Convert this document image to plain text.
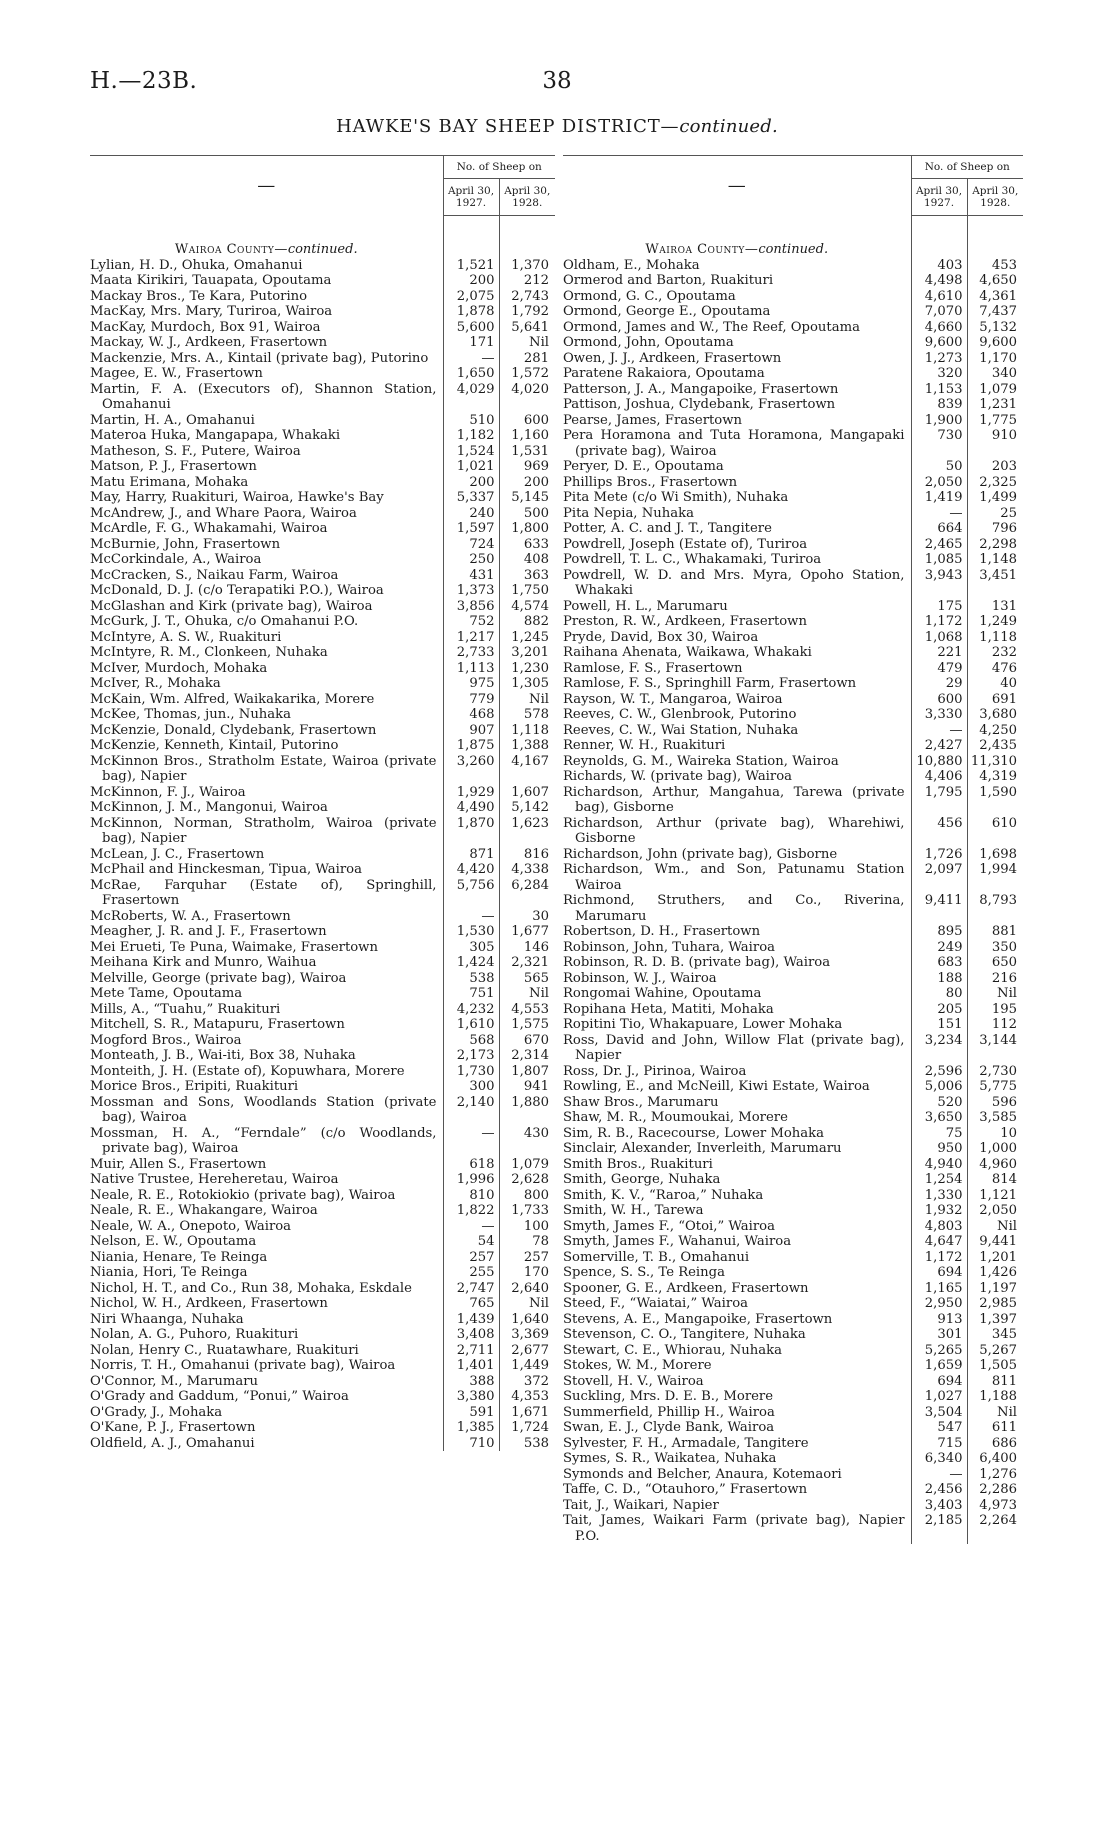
H.—23B.	38
HAWKE'S BAY SHEEP DISTRICT—continued.
—	No. of Sheep on	
	April 30, 1927.	April 30, 1928.

Wairoa County—continued.		

Lylian, H. D., Ohuka, Omahanui	1,521	1,370

Maata Kirikiri, Tauapata, Opoutama	200	212

Mackay Bros., Te Kara, Putorino	2,075	2,743

MacKay, Mrs. Mary, Turiroa, Wairoa	1,878	1,792

MacKay, Murdoch, Box 91, Wairoa	5,600	5,641

Mackay, W. J., Ardkeen, Frasertown	171	Nil

Mackenzie, Mrs. A., Kintail (private bag), Putorino	—	281

Magee, E. W., Frasertown	1,650	1,572

Martin, F. A. (Executors of), Shannon Station, Omahanui	4,029	4,020

Martin, H. A., Omahanui	510	600

Materoa Huka, Mangapapa, Whakaki	1,182	1,160

Matheson, S. F., Putere, Wairoa	1,524	1,531

Matson, P. J., Frasertown	1,021	969

Matu Erimana, Mohaka	200	200

May, Harry, Ruakituri, Wairoa, Hawke's Bay	5,337	5,145

McAndrew, J., and Whare Paora, Wairoa	240	500

McArdle, F. G., Whakamahi, Wairoa	1,597	1,800

McBurnie, John, Frasertown	724	633

McCorkindale, A., Wairoa	250	408

McCracken, S., Naikau Farm, Wairoa	431	363

McDonald, D. J. (c/o Terapatiki P.O.), Wairoa	1,373	1,750

McGlashan and Kirk (private bag), Wairoa	3,856	4,574

McGurk, J. T., Ohuka, c/o Omahanui P.O.	752	882

McIntyre, A. S. W., Ruakituri	1,217	1,245

McIntyre, R. M., Clonkeen, Nuhaka	2,733	3,201

McIver, Murdoch, Mohaka	1,113	1,230

McIver, R., Mohaka	975	1,305

McKain, Wm. Alfred, Waikakarika, Morere	779	Nil

McKee, Thomas, jun., Nuhaka	468	578

McKenzie, Donald, Clydebank, Frasertown	907	1,118

McKenzie, Kenneth, Kintail, Putorino	1,875	1,388

McKinnon Bros., Stratholm Estate, Wairoa (private bag), Napier	3,260	4,167

McKinnon, F. J., Wairoa	1,929	1,607

McKinnon, J. M., Mangonui, Wairoa	4,490	5,142

McKinnon, Norman, Stratholm, Wairoa (private bag), Napier	1,870	1,623

McLean, J. C., Frasertown	871	816

McPhail and Hinckesman, Tipua, Wairoa	4,420	4,338

McRae, Farquhar (Estate of), Springhill, Frasertown	5,756	6,284

McRoberts, W. A., Frasertown	—	30

Meagher, J. R. and J. F., Frasertown	1,530	1,677

Mei Erueti, Te Puna, Waimake, Frasertown	305	146

Meihana Kirk and Munro, Waihua	1,424	2,321

Melville, George (private bag), Wairoa	538	565

Mete Tame, Opoutama	751	Nil

Mills, A., “Tuahu,” Ruakituri	4,232	4,553

Mitchell, S. R., Matapuru, Frasertown	1,610	1,575

Mogford Bros., Wairoa	568	670

Monteath, J. B., Wai-iti, Box 38, Nuhaka	2,173	2,314

Monteith, J. H. (Estate of), Kopuwhara, Morere	1,730	1,807

Morice Bros., Eripiti, Ruakituri	300	941

Mossman and Sons, Woodlands Station (private bag), Wairoa	2,140	1,880

Mossman, H. A., “Ferndale” (c/o Woodlands, private bag), Wairoa	—	430

Muir, Allen S., Frasertown	618	1,079

Native Trustee, Hereheretau, Wairoa	1,996	2,628

Neale, R. E., Rotokiokio (private bag), Wairoa	810	800

Neale, R. E., Whakangare, Wairoa	1,822	1,733

Neale, W. A., Onepoto, Wairoa	—	100

Nelson, E. W., Opoutama	54	78

Niania, Henare, Te Reinga	257	257

Niania, Hori, Te Reinga	255	170

Nichol, H. T., and Co., Run 38, Mohaka, Eskdale	2,747	2,640

Nichol, W. H., Ardkeen, Frasertown	765	Nil

Niri Whaanga, Nuhaka	1,439	1,640

Nolan, A. G., Puhoro, Ruakituri	3,408	3,369

Nolan, Henry C., Ruatawhare, Ruakituri	2,711	2,677

Norris, T. H., Omahanui (private bag), Wairoa	1,401	1,449

O'Connor, M., Marumaru	388	372

O'Grady and Gaddum, “Ponui,” Wairoa	3,380	4,353

O'Grady, J., Mohaka	591	1,671

O'Kane, P. J., Frasertown	1,385	1,724

Oldfield, A. J., Omahanui	710	538
—	No. of Sheep on	
	April 30, 1927.	April 30, 1928.

Wairoa County—continued.		

Oldham, E., Mohaka	403	453

Ormerod and Barton, Ruakituri	4,498	4,650

Ormond, G. C., Opoutama	4,610	4,361

Ormond, George E., Opoutama	7,070	7,437

Ormond, James and W., The Reef, Opoutama	4,660	5,132

Ormond, John, Opoutama	9,600	9,600

Owen, J. J., Ardkeen, Frasertown	1,273	1,170

Paratene Rakaiora, Opoutama	320	340

Patterson, J. A., Mangapoike, Frasertown	1,153	1,079

Pattison, Joshua, Clydebank, Frasertown	839	1,231

Pearse, James, Frasertown	1,900	1,775

Pera Horamona and Tuta Horamona, Mangapaki (private bag), Wairoa	730	910

Peryer, D. E., Opoutama	50	203

Phillips Bros., Frasertown	2,050	2,325

Pita Mete (c/o Wi Smith), Nuhaka	1,419	1,499

Pita Nepia, Nuhaka	—	25

Potter, A. C. and J. T., Tangitere	664	796

Powdrell, Joseph (Estate of), Turiroa	2,465	2,298

Powdrell, T. L. C., Whakamaki, Turiroa	1,085	1,148

Powdrell, W. D. and Mrs. Myra, Opoho Station, Whakaki	3,943	3,451

Powell, H. L., Marumaru	175	131

Preston, R. W., Ardkeen, Frasertown	1,172	1,249

Pryde, David, Box 30, Wairoa	1,068	1,118

Raihana Ahenata, Waikawa, Whakaki	221	232

Ramlose, F. S., Frasertown	479	476

Ramlose, F. S., Springhill Farm, Frasertown	29	40

Rayson, W. T., Mangaroa, Wairoa	600	691

Reeves, C. W., Glenbrook, Putorino	3,330	3,680

Reeves, C. W., Wai Station, Nuhaka	—	4,250

Renner, W. H., Ruakituri	2,427	2,435

Reynolds, G. M., Waireka Station, Wairoa	10,880	11,310

Richards, W. (private bag), Wairoa	4,406	4,319

Richardson, Arthur, Mangahua, Tarewa (private bag), Gisborne	1,795	1,590

Richardson, Arthur (private bag), Wharehiwi, Gisborne	456	610

Richardson, John (private bag), Gisborne	1,726	1,698

Richardson, Wm., and Son, Patunamu Station Wairoa	2,097	1,994

Richmond, Struthers, and Co., Riverina, Marumaru	9,411	8,793

Robertson, D. H., Frasertown	895	881

Robinson, John, Tuhara, Wairoa	249	350

Robinson, R. D. B. (private bag), Wairoa	683	650

Robinson, W. J., Wairoa	188	216

Rongomai Wahine, Opoutama	80	Nil

Ropihana Heta, Matiti, Mohaka	205	195

Ropitini Tio, Whakapuare, Lower Mohaka	151	112

Ross, David and John, Willow Flat (private bag), Napier	3,234	3,144

Ross, Dr. J., Pirinoa, Wairoa	2,596	2,730

Rowling, E., and McNeill, Kiwi Estate, Wairoa	5,006	5,775

Shaw Bros., Marumaru	520	596

Shaw, M. R., Moumoukai, Morere	3,650	3,585

Sim, R. B., Racecourse, Lower Mohaka	75	10

Sinclair, Alexander, Inverleith, Marumaru	950	1,000

Smith Bros., Ruakituri	4,940	4,960

Smith, George, Nuhaka	1,254	814

Smith, K. V., “Raroa,” Nuhaka	1,330	1,121

Smith, W. H., Tarewa	1,932	2,050

Smyth, James F., “Otoi,” Wairoa	4,803	Nil

Smyth, James F., Wahanui, Wairoa	4,647	9,441

Somerville, T. B., Omahanui	1,172	1,201

Spence, S. S., Te Reinga	694	1,426

Spooner, G. E., Ardkeen, Frasertown	1,165	1,197

Steed, F., “Waiatai,” Wairoa	2,950	2,985

Stevens, A. E., Mangapoike, Frasertown	913	1,397

Stevenson, C. O., Tangitere, Nuhaka	301	345

Stewart, C. E., Whiorau, Nuhaka	5,265	5,267

Stokes, W. M., Morere	1,659	1,505

Stovell, H. V., Wairoa	694	811

Suckling, Mrs. D. E. B., Morere	1,027	1,188

Summerfield, Phillip H., Wairoa	3,504	Nil

Swan, E. J., Clyde Bank, Wairoa	547	611

Sylvester, F. H., Armadale, Tangitere	715	686

Symes, S. R., Waikatea, Nuhaka	6,340	6,400

Symonds and Belcher, Anaura, Kotemaori	—	1,276

Taffe, C. D., “Otauhoro,” Frasertown	2,456	2,286

Tait, J., Waikari, Napier	3,403	4,973

Tait, James, Waikari Farm (private bag), Napier P.O.	2,185	2,264
